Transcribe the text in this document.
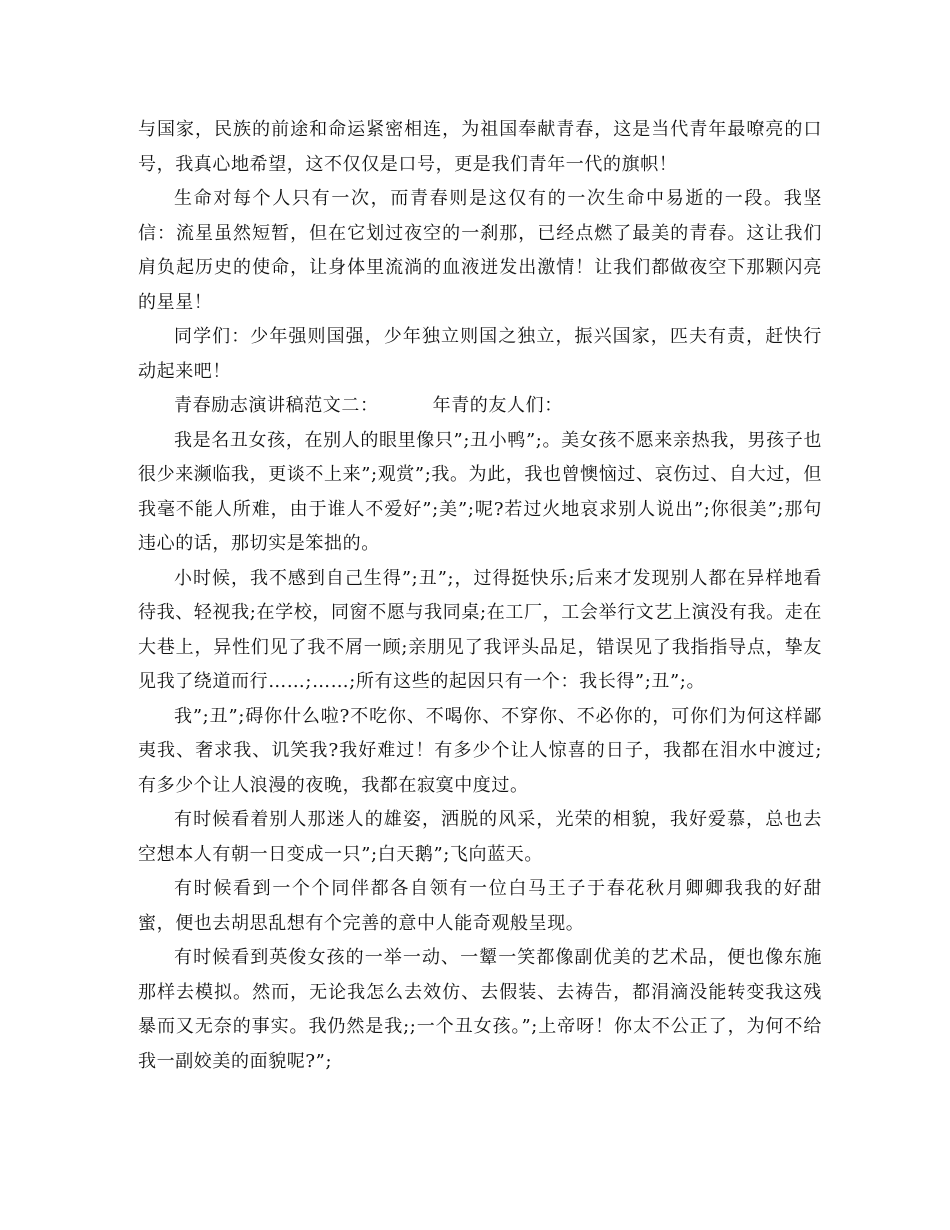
与国家，民族的前途和命运紧密相连，为祖国奉献青春，这是当代青年最嘹亮的口号，我真心地希望，这不仅仅是口号，更是我们青年一代的旗帜！

生命对每个人只有一次，而青春则是这仅有的一次生命中易逝的一段。我坚信：流星虽然短暂，但在它划过夜空的一刹那，已经点燃了最美的青春。这让我们肩负起历史的使命，让身体里流淌的血液迸发出激情！让我们都做夜空下那颗闪亮的星星！

同学们：少年强则国强，少年独立则国之独立，振兴国家，匹夫有责，赶快行动起来吧！

青春励志演讲稿范文二：	年青的友人们：

我是名丑女孩，在别人的眼里像只”;丑小鸭”;。美女孩不愿来亲热我，男孩子也很少来濒临我，更谈不上来”;观赏”;我。为此，我也曾懊恼过、哀伤过、自大过，但我毫不能人所难，由于谁人不爱好”;美”;呢?若过火地哀求别人说出”;你很美”;那句违心的话，那切实是笨拙的。

小时候，我不感到自己生得”;丑”;，过得挺快乐;后来才发现别人都在异样地看待我、轻视我;在学校，同窗不愿与我同桌;在工厂，工会举行文艺上演没有我。走在大巷上，异性们见了我不屑一顾;亲朋见了我评头品足，错误见了我指指导点，挚友见我了绕道而行……;……;所有这些的起因只有一个：我长得”;丑”;。

我”;丑”;碍你什么啦?不吃你、不喝你、不穿你、不必你的，可你们为何这样鄙夷我、奢求我、讥笑我?我好难过！有多少个让人惊喜的日子，我都在泪水中渡过;有多少个让人浪漫的夜晚，我都在寂寞中度过。

有时候看着别人那迷人的雄姿，洒脱的风采，光荣的相貌，我好爱慕，总也去空想本人有朝一日变成一只”;白天鹅”;飞向蓝天。

有时候看到一个个同伴都各自领有一位白马王子于春花秋月卿卿我我的好甜蜜，便也去胡思乱想有个完善的意中人能奇观般呈现。

有时候看到英俊女孩的一举一动、一颦一笑都像副优美的艺术品，便也像东施那样去模拟。然而，无论我怎么去效仿、去假装、去祷告，都涓滴没能转变我这残暴而又无奈的事实。我仍然是我;;一个丑女孩。”;上帝呀！你太不公正了，为何不给我一副姣美的面貌呢?”;
